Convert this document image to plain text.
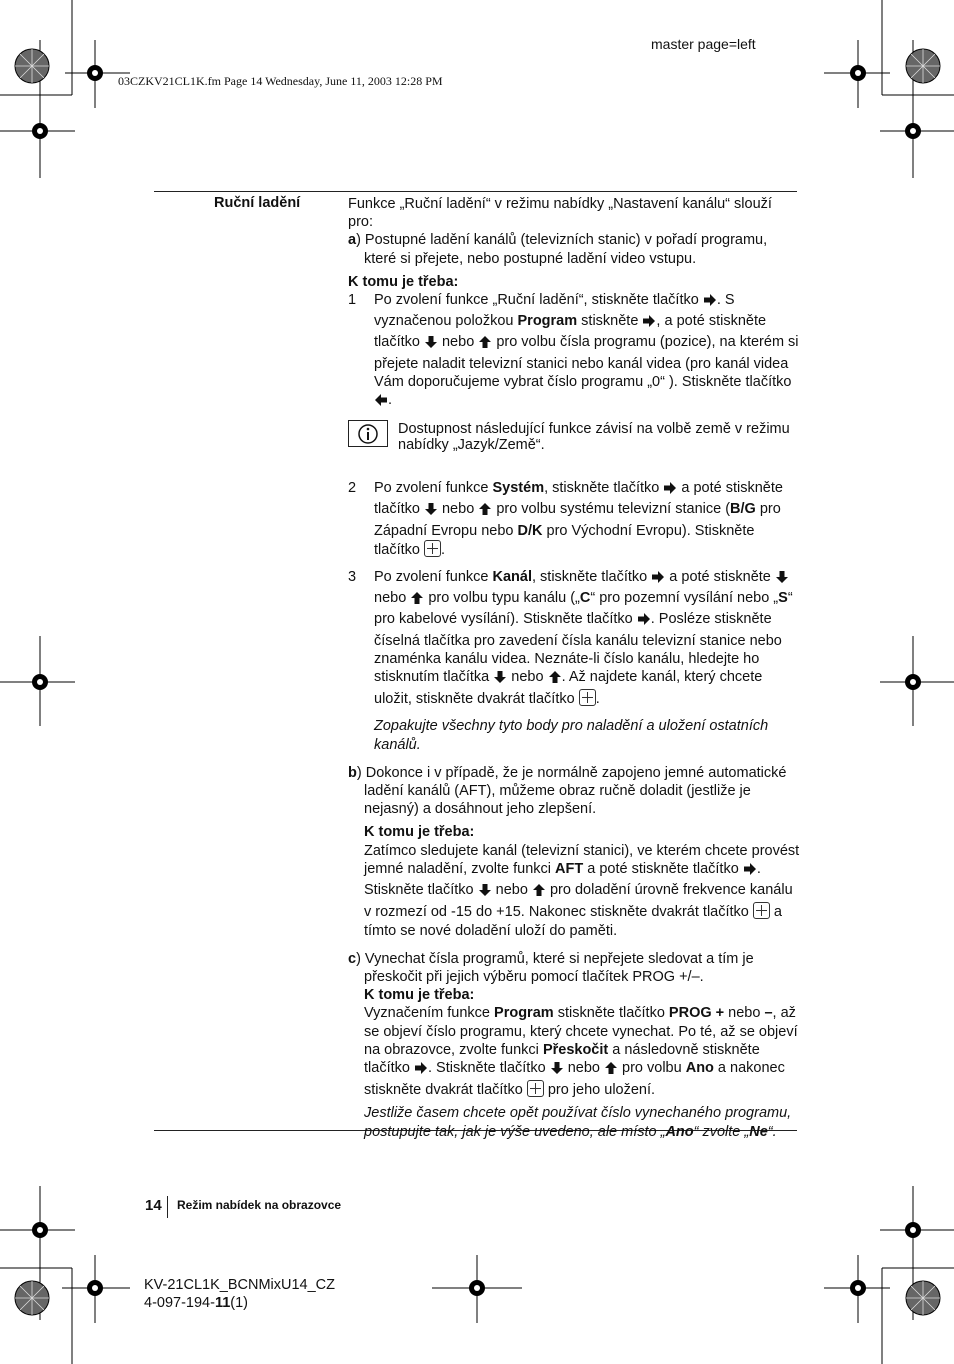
master page=left
03CZKV21CL1K.fm Page 14 Wednesday, June 11, 2003 12:28 PM
Ruční ladění	Funkce „Ruční ladění“ v režimu nabídky „Nastavení kanálu“ slouží pro:

a) Postupné ladění kanálů (televizních stanic) v pořadí programu, které si přejete, nebo postupné ladění video vstupu.

K tomu je třeba:

1 Po zvolení funkce „Ruční ladění“, stiskněte tlačítko . S vyznačenou položkou Program stiskněte , a poté stiskněte tlačítko  nebo  pro volbu čísla programu (pozice), na kterém si přejete naladit televizní stanici nebo kanál videa (pro kanál videa Vám doporučujeme vybrat číslo programu „0“ ). Stiskněte tlačítko .
Dostupnost následující funkce závisí na volbě země v režimu nabídky „Jazyk/Země“.
2 Po zvolení funkce Systém, stiskněte tlačítko  a poté stiskněte tlačítko  nebo  pro volbu systému televizní stanice (B/G pro Západní Evropu nebo D/K pro Východní Evropu). Stiskněte tlačítko .
3 Po zvolení funkce Kanál, stiskněte tlačítko  a poté stiskněte  nebo  pro volbu typu kanálu („C“ pro pozemní vysílání nebo „S“ pro kabelové vysílání). Stiskněte tlačítko . Posléze stiskněte číselná tlačítka pro zavedení čísla kanálu televizní stanice nebo znaménka kanálu videa. Neznáte-li číslo kanálu, hledejte ho stisknutím tlačítka  nebo . Až najdete kanál, který chcete uložit, stiskněte dvakrát tlačítko .

Zopakujte všechny tyto body pro naladění a uložení ostatních kanálů.

b) Dokonce i v případě, že je normálně zapojeno jemné automatické ladění kanálů (AFT), můžeme obraz ručně doladit (jestliže je nejasný) a dosáhnout jeho zlepšení.

K tomu je třeba:

Zatímco sledujete kanál (televizní stanici), ve kterém chcete provést jemné naladění, zvolte funkci AFT a poté stiskněte tlačítko . Stiskněte tlačítko  nebo  pro doladění úrovně frekvence kanálu v rozmezí od -15 do +15. Nakonec stiskněte dvakrát tlačítko  a tímto se nové doladění uloží do paměti.

c) Vynechat čísla programů, které si nepřejete sledovat a tím je přeskočit při jejich výběru pomocí tlačítek PROG +/–.

K tomu je třeba:

Vyznačením funkce Program stiskněte tlačítko PROG + nebo –, až se objeví číslo programu, který chcete vynechat. Po té, až se objeví na obrazovce, zvolte funkci Přeskočit a následovně stiskněte tlačítko . Stiskněte tlačítko  nebo  pro volbu Ano a nakonec stiskněte dvakrát tlačítko  pro jeho uložení.

Jestliže časem chcete opět používat číslo vynechaného programu, postupujte tak, jak je výše uvedeno, ale místo „Ano“ zvolte „Ne“.

14 Režim nabídek na obrazovce
KV-21CL1K_BCNMixU14_CZ
4-097-194-11(1)
